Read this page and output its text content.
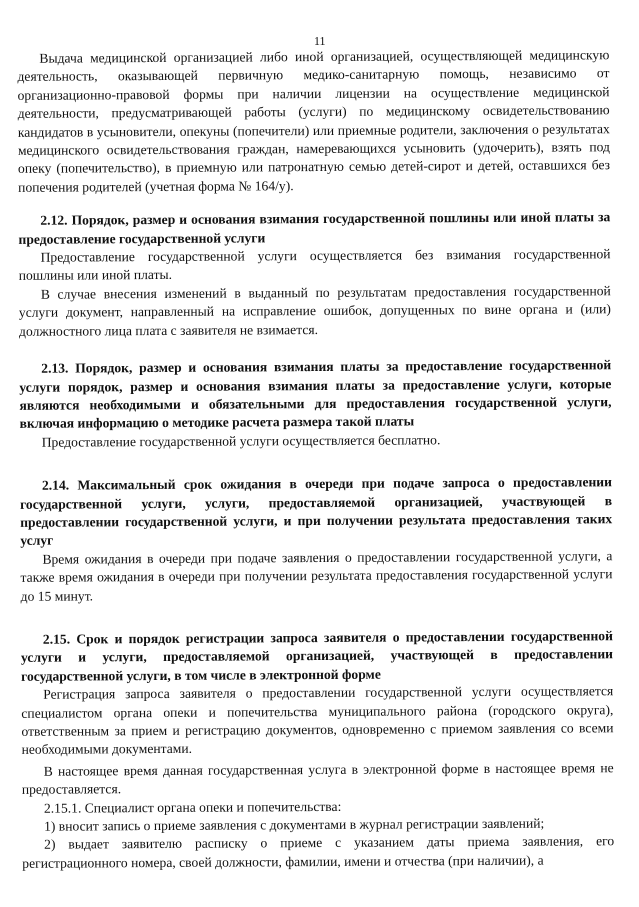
11

Выдача медицинской организацией либо иной организацией, осуществляющей медицинскую деятельность, оказывающей первичную медико-санитарную помощь, независимо от организационно-правовой формы при наличии лицензии на осуществление медицинской деятельности, предусматривающей работы (услуги) по медицинскому освидетельствованию кандидатов в усыновители, опекуны (попечители) или приемные родители, заключения о результатах медицинского освидетельствования граждан, намеревающихся усыновить (удочерить), взять под опеку (попечительство), в приемную или патронатную семью детей-сирот и детей, оставшихся без попечения родителей (учетная форма № 164/у).

2.12. Порядок, размер и основания взимания государственной пошлины или иной платы за предоставление государственной услуги

Предоставление государственной услуги осуществляется без взимания государственной пошлины или иной платы.

В случае внесения изменений в выданный по результатам предоставления государственной услуги документ, направленный на исправление ошибок, допущенных по вине органа и (или) должностного лица плата с заявителя не взимается.

2.13. Порядок, размер и основания взимания платы за предоставление государственной услуги порядок, размер и основания взимания платы за предоставление услуги, которые являются необходимыми и обязательными для предоставления государственной услуги, включая информацию о методике расчета размера такой платы

Предоставление государственной услуги осуществляется бесплатно.

2.14. Максимальный срок ожидания в очереди при подаче запроса о предоставлении государственной услуги, услуги, предоставляемой организацией, участвующей в предоставлении государственной услуги, и при получении результата предоставления таких услуг

Время ожидания в очереди при подаче заявления о предоставлении государственной услуги, а также время ожидания в очереди при получении результата предоставления государственной услуги до 15 минут.

2.15. Срок и порядок регистрации запроса заявителя о предоставлении государственной услуги и услуги, предоставляемой организацией, участвующей в предоставлении государственной услуги, в том числе в электронной форме

Регистрация запроса заявителя о предоставлении государственной услуги осуществляется специалистом органа опеки и попечительства муниципального района (городского округа), ответственным за прием и регистрацию документов, одновременно с приемом заявления со всеми необходимыми документами.

В настоящее время данная государственная услуга в электронной форме в настоящее время не предоставляется.

2.15.1. Специалист органа опеки и попечительства:

1) вносит запись о приеме заявления с документами в журнал регистрации заявлений;

2) выдает заявителю расписку о приеме с указанием даты приема заявления, его регистрационного номера, своей должности, фамилии, имени и отчества (при наличии), а
